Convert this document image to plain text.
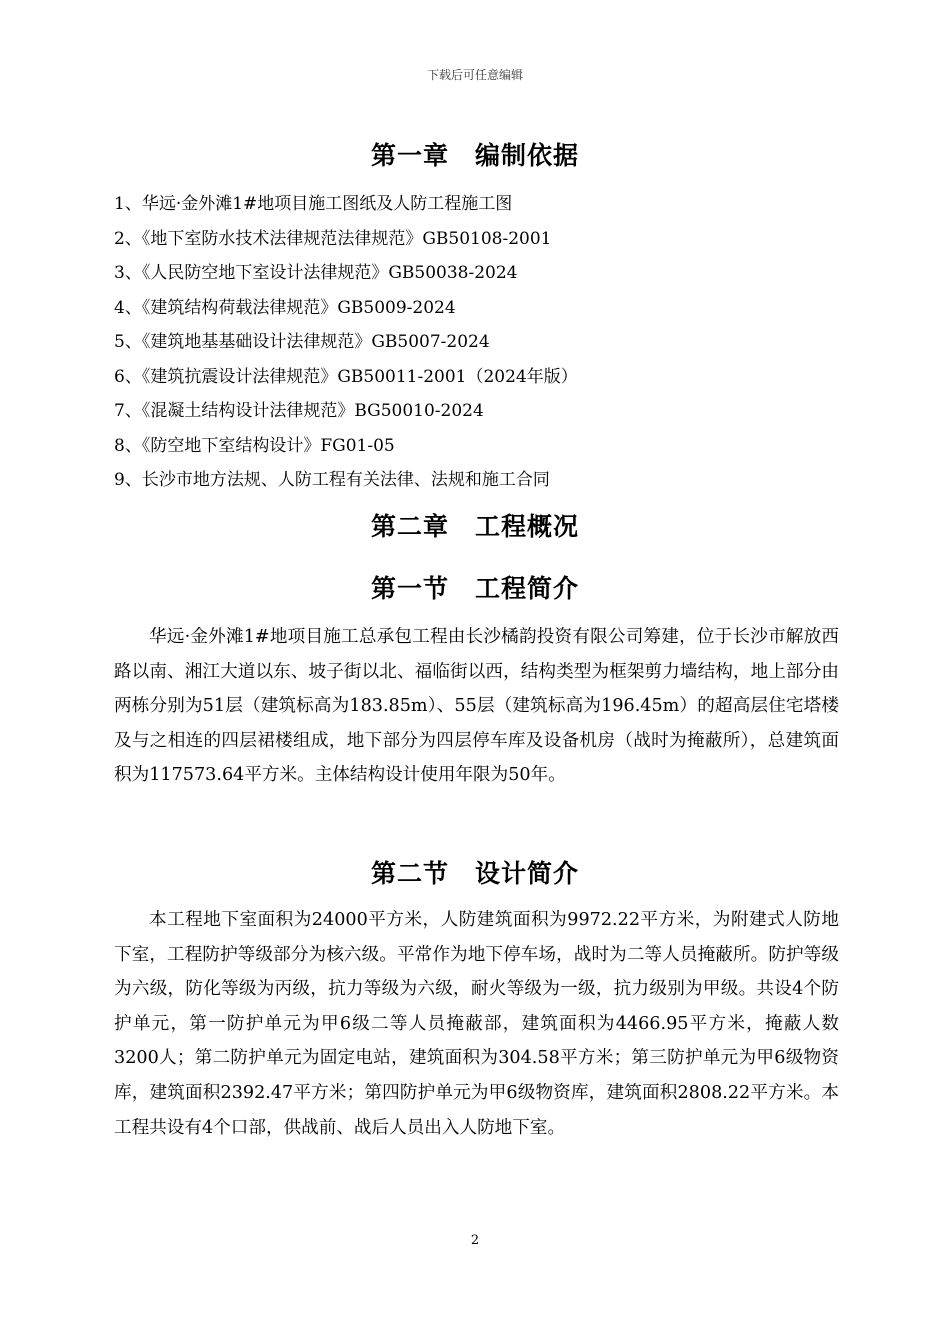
下载后可任意编辑
第一章　编制依据
1、华远·金外滩1#地项目施工图纸及人防工程施工图
2、《地下室防水技术法律规范法律规范》GB50108-2001
3、《人民防空地下室设计法律规范》GB50038-2024
4、《建筑结构荷载法律规范》GB5009-2024
5、《建筑地基基础设计法律规范》GB5007-2024
6、《建筑抗震设计法律规范》GB50011-2001（2024年版）
7、《混凝土结构设计法律规范》BG50010-2024
8、《防空地下室结构设计》FG01-05
9、长沙市地方法规、人防工程有关法律、法规和施工合同
第二章　工程概况
第一节　工程简介

华远·金外滩1#地项目施工总承包工程由长沙橘韵投资有限公司筹建，位于长沙市解放西路以南、湘江大道以东、坡子街以北、福临街以西，结构类型为框架剪力墙结构，地上部分由两栋分别为51层（建筑标高为183.85m）、55层（建筑标高为196.45m）的超高层住宅塔楼及与之相连的四层裙楼组成，地下部分为四层停车库及设备机房（战时为掩蔽所），总建筑面积为117573.64平方米。主体结构设计使用年限为50年。

第二节　设计简介

本工程地下室面积为24000平方米，人防建筑面积为9972.22平方米，为附建式人防地下室，工程防护等级部分为核六级。平常作为地下停车场，战时为二等人员掩蔽所。防护等级为六级，防化等级为丙级，抗力等级为六级，耐火等级为一级，抗力级别为甲级。共设4个防护单元，第一防护单元为甲6级二等人员掩蔽部，建筑面积为4466.95平方米，掩蔽人数3200人；第二防护单元为固定电站，建筑面积为304.58平方米；第三防护单元为甲6级物资库，建筑面积2392.47平方米；第四防护单元为甲6级物资库，建筑面积2808.22平方米。本工程共设有4个口部，供战前、战后人员出入人防地下室。

2
